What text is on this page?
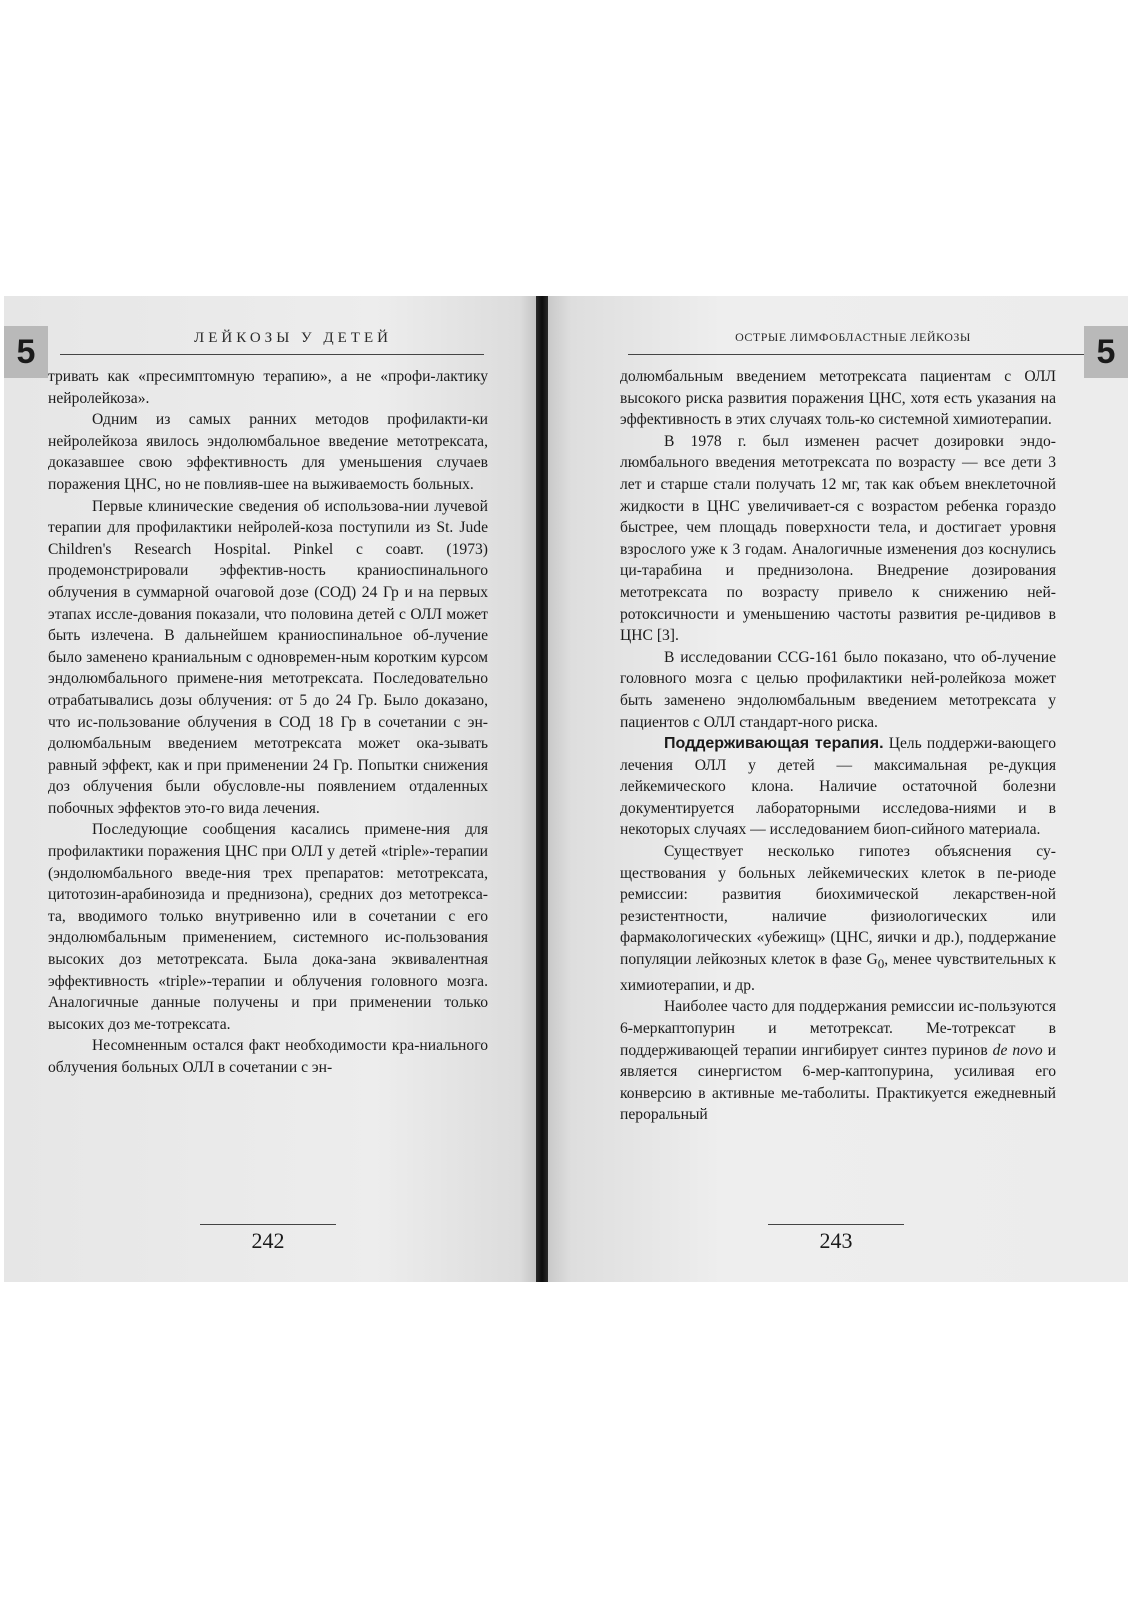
5	ЛЕЙКОЗЫ У ДЕТЕЙ

тривать как «пресимптомную терапию», а не «профи-лактику нейролейкоза».

Одним из самых ранних методов профилакти-ки нейролейкоза явилось эндолюмбальное введение метотрексата, доказавшее свою эффективность для уменьшения случаев поражения ЦНС, но не повлияв-шее на выживаемость больных.

Первые клинические сведения об использова-нии лучевой терапии для профилактики нейролей-коза поступили из St. Jude Children's Research Hospital. Pinkel с соавт. (1973) продемонстрировали эффектив-ность краниоспинального облучения в суммарной очаговой дозе (СОД) 24 Гр и на первых этапах иссле-дования показали, что половина детей с ОЛЛ может быть излечена. В дальнейшем краниоспинальное об-лучение было заменено краниальным с одновремен-ным коротким курсом эндолюмбального примене-ния метотрексата. Последовательно отрабатывались дозы облучения: от 5 до 24 Гр. Было доказано, что ис-пользование облучения в СОД 18 Гр в сочетании с эн-долюмбальным введением метотрексата может ока-зывать равный эффект, как и при применении 24 Гр. Попытки снижения доз облучения были обусловле-ны появлением отдаленных побочных эффектов это-го вида лечения.

Последующие сообщения касались примене-ния для профилактики поражения ЦНС при ОЛЛ у детей «triple»-терапии (эндолюмбального введе-ния трех препаратов: метотрексата, цитотозин-арабинозида и преднизона), средних доз метотрекса-та, вводимого только внутривенно или в сочетании с его эндолюмбальным применением, системного ис-пользования высоких доз метотрексата. Была дока-зана эквивалентная эффективность «triple»-терапии и облучения головного мозга. Аналогичные данные получены и при применении только высоких доз ме-тотрексата.

Несомненным остался факт необходимости кра-ниального облучения больных ОЛЛ в сочетании с эн-

242
ОСТРЫЕ ЛИМФОБЛАСТНЫЕ ЛЕЙКОЗЫ	5

долюмбальным введением метотрексата пациентам с ОЛЛ высокого риска развития поражения ЦНС, хотя есть указания на эффективность в этих случаях толь-ко системной химиотерапии.

В 1978 г. был изменен расчет дозировки эндо-люмбального введения метотрексата по возрасту — все дети 3 лет и старше стали получать 12 мг, так как объем внеклеточной жидкости в ЦНС увеличивает-ся с возрастом ребенка гораздо быстрее, чем площадь поверхности тела, и достигает уровня взрослого уже к 3 годам. Аналогичные изменения доз коснулись ци-тарабина и преднизолона. Внедрение дозирования метотрексата по возрасту привело к снижению ней-ротоксичности и уменьшению частоты развития ре-цидивов в ЦНС [3].

В исследовании CCG-161 было показано, что об-лучение головного мозга с целью профилактики ней-ролейкоза может быть заменено эндолюмбальным введением метотрексата у пациентов с ОЛЛ стандарт-ного риска.

Поддерживающая терапия. Цель поддержи-вающего лечения ОЛЛ у детей — максимальная ре-дукция лейкемического клона. Наличие остаточной болезни документируется лабораторными исследова-ниями и в некоторых случаях — исследованием биоп-сийного материала.

Существует несколько гипотез объяснения су-ществования у больных лейкемических клеток в пе-риоде ремиссии: развития биохимической лекарствен-ной резистентности, наличие физиологических или фармакологических «убежищ» (ЦНС, яички и др.), поддержание популяции лейкозных клеток в фазе $G_0$, менее чувствительных к химиотерапии, и др.

Наиболее часто для поддержания ремиссии ис-пользуются 6-меркаптопурин и метотрексат. Ме-тотрексат в поддерживающей терапии ингибирует синтез пуринов de novo и является синергистом 6-мер-каптопурина, усиливая его конверсию в активные ме-таболиты. Практикуется ежедневный пероральный

243
